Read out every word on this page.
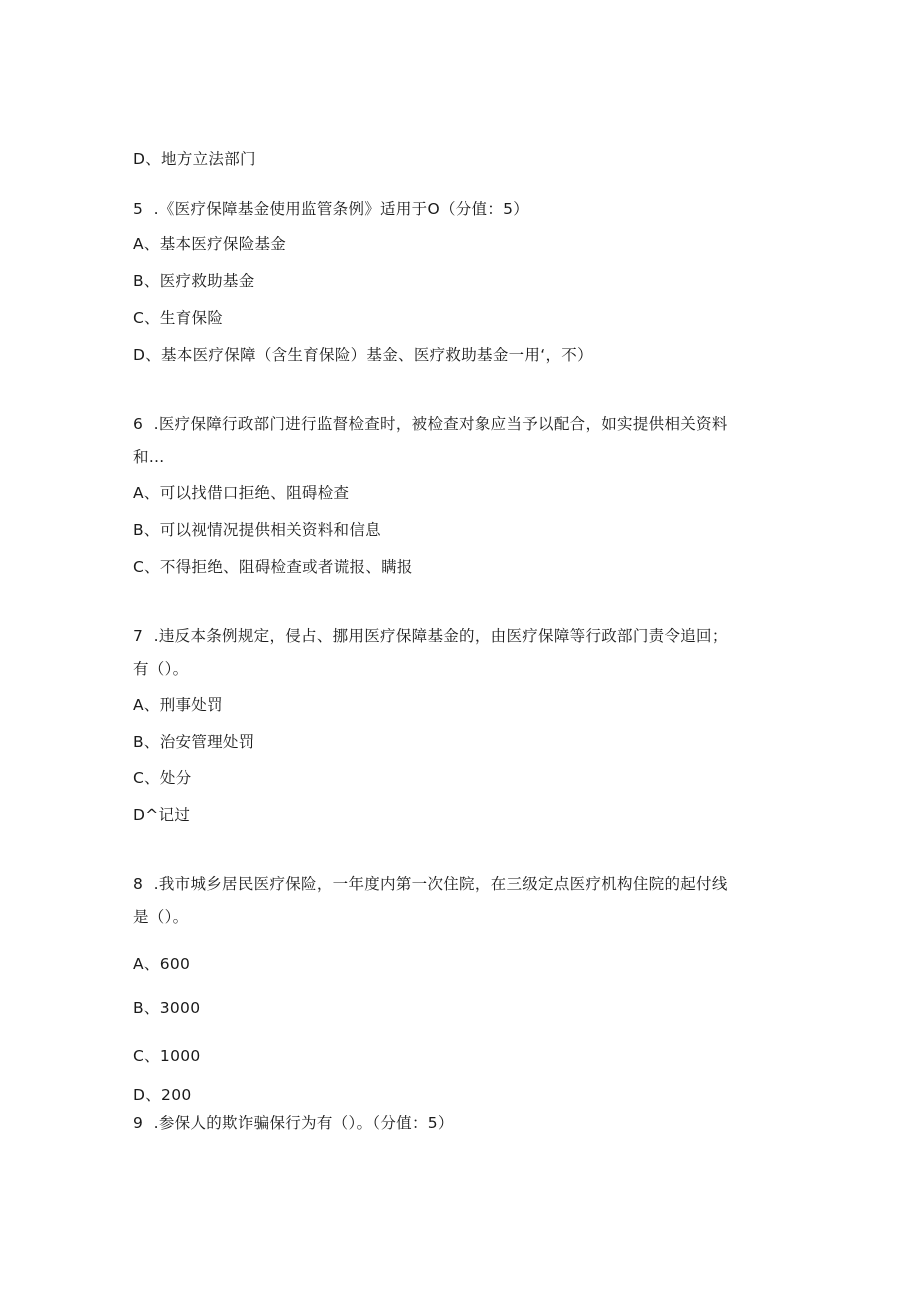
D、地方立法部门
5  .《医疗保障基金使用监管条例》适用于O（分值：5）
A、基本医疗保险基金
B、医疗救助基金
C、生育保险
D、基本医疗保障（含生育保险）基金、医疗救助基金一用‘，不）
6  .医疗保障行政部门进行监督检查时，被检查对象应当予以配合，如实提供相关资料
和…
A、可以找借口拒绝、阻碍检查
B、可以视情况提供相关资料和信息
C、不得拒绝、阻碍检查或者谎报、瞒报
7  .违反本条例规定，侵占、挪用医疗保障基金的，由医疗保障等行政部门责令追回；
有（）。
A、刑事处罚
B、治安管理处罚
C、处分
D^记过
8  .我市城乡居民医疗保险，一年度内第一次住院，在三级定点医疗机构住院的起付线
是（）。
A、600
B、3000
C、1000
D、200
9  .参保人的欺诈骗保行为有（）。（分值：5）
